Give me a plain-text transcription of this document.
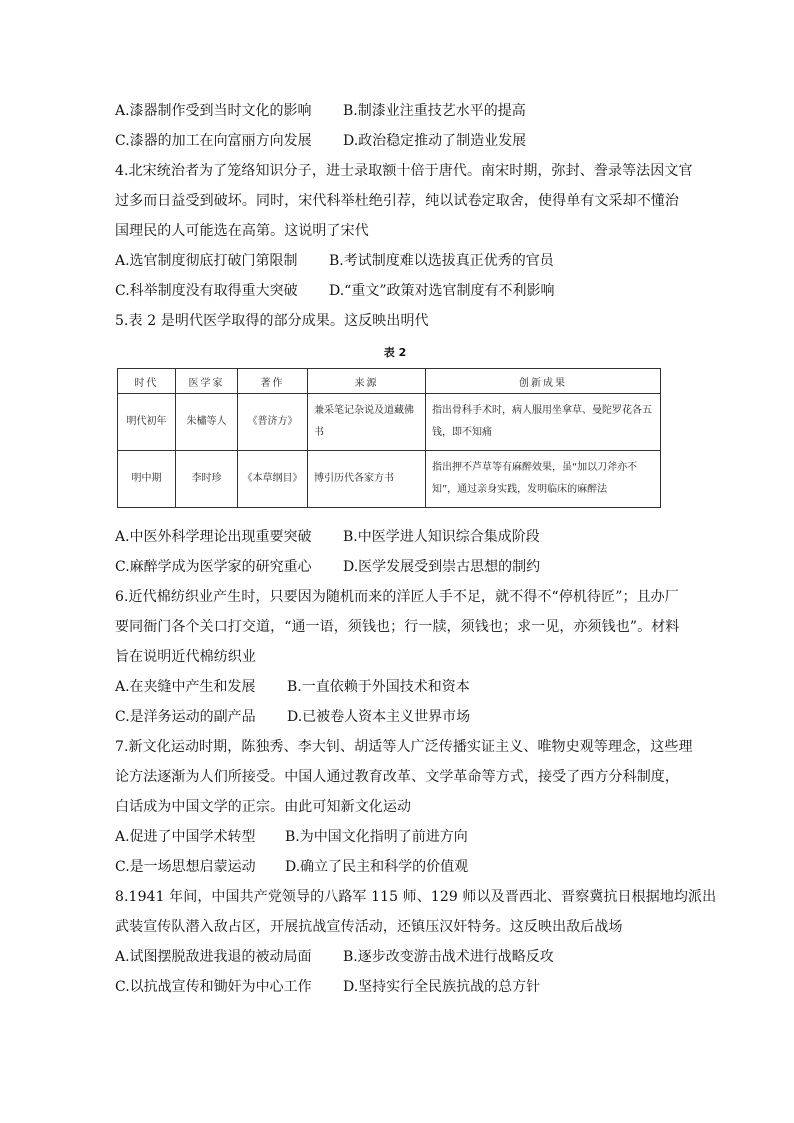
A.漆器制作受到当时文化的影响	B.制漆业注重技艺水平的提高
C.漆器的加工在向富丽方向发展	D.政治稳定推动了制造业发展
4.北宋统治者为了笼络知识分子，进士录取额十倍于唐代。南宋时期，弥封、誊录等法因文官
过多而日益受到破坏。同时，宋代科举杜绝引荐，纯以试卷定取舍，使得单有文采却不懂治
国理民的人可能选在高第。这说明了宋代
A.选官制度彻底打破门第限制	B.考试制度难以选拔真正优秀的官员
C.科举制度没有取得重大突破	D.“重文”政策对选官制度有不利影响
5.表 2 是明代医学取得的部分成果。这反映出明代
表 2
时代	医学家	著作	来源	创新成果
明代初年	朱橚等人	《普济方》	兼采笔记杂说及道藏佛书	指出骨科手术时，病人服用坐拿草、曼陀罗花各五钱，即不知痛
明中期	李时珍	《本草纲目》	博引历代各家方书	指出押不芦草等有麻醉效果，虽“加以刀斧亦不知”，通过亲身实践，发明临床的麻醉法
A.中医外科学理论出现重要突破	B.中医学进人知识综合集成阶段
C.麻醉学成为医学家的研究重心	D.医学发展受到崇古思想的制约
6.近代棉纺织业产生时，只要因为随机而来的洋匠人手不足，就不得不“停机待匠”；且办厂
要同衙门各个关口打交道，“通一语，须钱也；行一牍，须钱也；求一见，亦须钱也”。材料
旨在说明近代棉纺织业
A.在夹缝中产生和发展	B.一直依赖于外国技术和资本
C.是洋务运动的副产品	D.已被卷人资本主义世界市场
7.新文化运动时期，陈独秀、李大钊、胡适等人广泛传播实证主义、唯物史观等理念，这些理
论方法逐渐为人们所接受。中国人通过教育改革、文学革命等方式，接受了西方分科制度，
白话成为中国文学的正宗。由此可知新文化运动
A.促进了中国学术转型	B.为中国文化指明了前进方向
C.是一场思想启蒙运动	D.确立了民主和科学的价值观
8.1941 年间，中国共产党领导的八路军 115 师、129 师以及晋西北、晋察冀抗日根据地均派出
武装宣传队潜入敌占区，开展抗战宣传活动，还镇压汉奸特务。这反映出敌后战场
A.试图摆脱敌进我退的被动局面	B.逐步改变游击战术进行战略反攻
C.以抗战宣传和锄奸为中心工作	D.坚持实行全民族抗战的总方针
